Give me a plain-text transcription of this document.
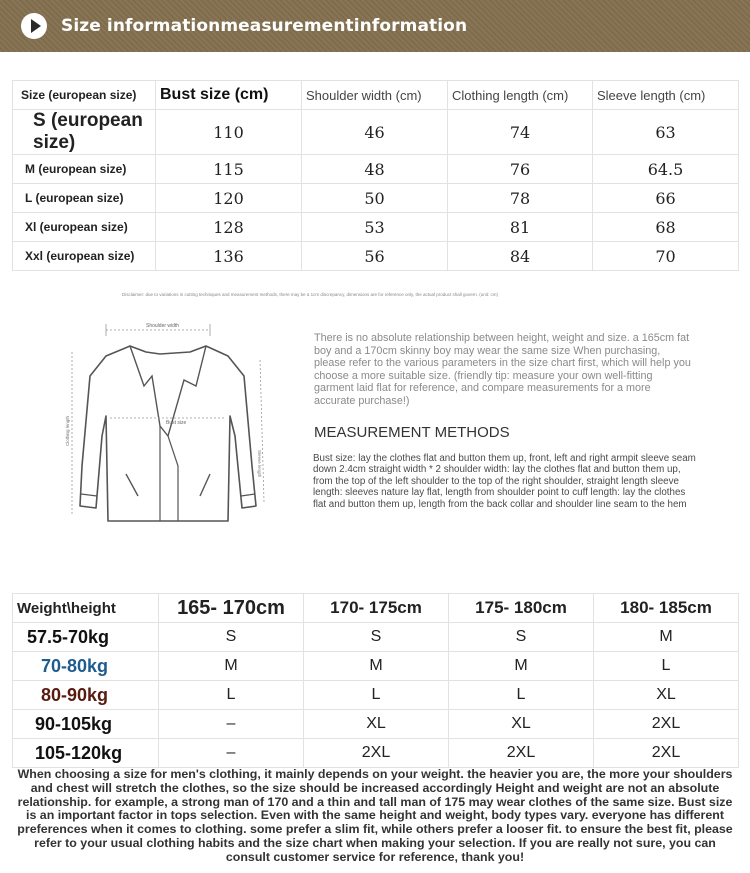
Size informationmeasurementinformation
Size (european size)	Bust size (cm)	Shoulder width (cm)	Clothing length (cm)	Sleeve length (cm)
S (european size)	110	46	74	63
M (european size)	115	48	76	64.5
L (european size)	120	50	78	66
Xl (european size)	128	53	81	68
Xxl (european size)	136	56	84	70
Disclaimer: due to variations in cutting techniques and measurement methods, there may be a 1cm discrepancy, dimensions are for reference only, the actual product shall govern. (unit: cm)
Shoulder width
Bust size
Clothing length
Sleeve length
There is no absolute relationship between height, weight and size. a 165cm fat boy and a 170cm skinny boy may wear the same size When purchasing, please refer to the various parameters in the size chart first, which will help you choose a more suitable size. (friendly tip: measure your own well-fitting garment laid flat for reference, and compare measurements for a more accurate purchase!)
MEASUREMENT METHODS
Bust size: lay the clothes flat and button them up, front, left and right armpit sleeve seam down 2.4cm straight width * 2 shoulder width: lay the clothes flat and button them up, from the top of the left shoulder to the top of the right shoulder, straight length sleeve length: sleeves nature lay flat, length from shoulder point to cuff length: lay the clothes flat and button them up, length from the back collar and shoulder line seam to the hem
Weight\height	165- 170cm	170- 175cm	175- 180cm	180- 185cm
57.5-70kg	S	S	S	M
70-80kg	M	M	M	L
80-90kg	L	L	L	XL
90-105kg	–	XL	XL	2XL
105-120kg	–	2XL	2XL	2XL
When choosing a size for men's clothing, it mainly depends on your weight. the heavier you are, the more your shoulders and chest will stretch the clothes, so the size should be increased accordingly Height and weight are not an absolute relationship. for example, a strong man of 170 and a thin and tall man of 175 may wear clothes of the same size. Bust size is an important factor in tops selection. Even with the same height and weight, body types vary. everyone has different preferences when it comes to clothing. some prefer a slim fit, while others prefer a looser fit. to ensure the best fit, please refer to your usual clothing habits and the size chart when making your selection. If you are really not sure, you can consult customer service for reference, thank you!
